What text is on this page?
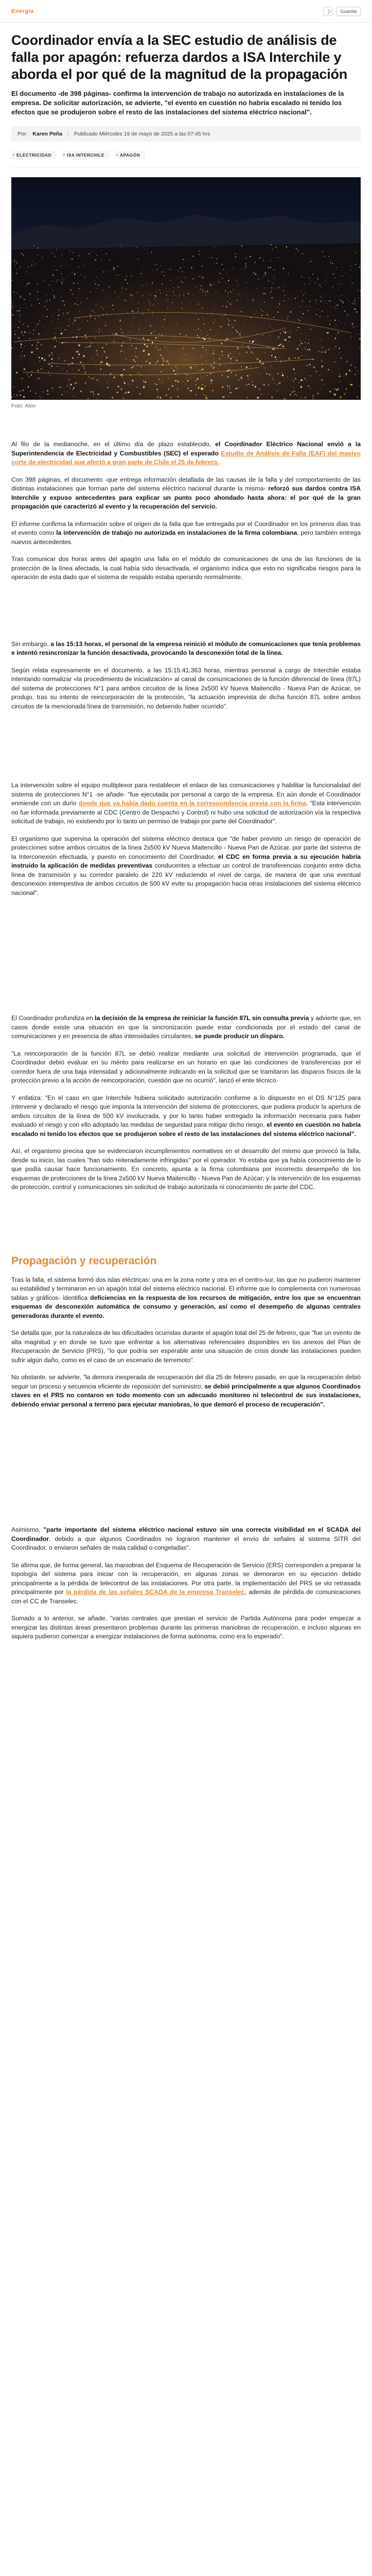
Energía	Guardar
Coordinador envía a la SEC estudio de análisis de falla por apagón: refuerza dardos a ISA Interchile y aborda el por qué de la magnitud de la propagación

El documento -de 398 páginas- confirma la intervención de trabajo no autorizada en instalaciones de la empresa. De solicitar autorización, se advierte, "el evento en cuestión no habría escalado ni tenido los efectos que se produjeron sobre el resto de las instalaciones del sistema eléctrico nacional".

Por: Karen Peña | Publicado Miércoles 19 de mayo de 2025 a las 07:45 hrs
ELECTRICIDAD	ISA INTERCHILE	APAGÓN
Foto: Alon

Al filo de la medianoche, en el último día de plazo establecido, el Coordinador Eléctrico Nacional envió a la Superintendencia de Electricidad y Combustibles (SEC) el esperado Estudio de Análisis de Falla (EAF) del masivo corte de electricidad que afectó a gran parte de Chile el 25 de febrero.

Con 398 páginas, el documento -que entrega información detallada de las causas de la falla y del comportamiento de las distintas instalaciones que forman parte del sistema eléctrico nacional durante la misma- reforzó sus dardos contra ISA Interchile y expuso antecedentes para explicar un punto poco ahondado hasta ahora: el por qué de la gran propagación que caracterizó al evento y la recuperación del servicio.

El informe confirma la información sobre el origen de la falla que fue entregada por el Coordinador en los primeros días tras el evento como la intervención de trabajo no autorizada en instalaciones de la firma colombiana, pero también entrega nuevos antecedentes.

Tras comunicar dos horas antes del apagón una falla en el módulo de comunicaciones de una de las funciones de la protección de la línea afectada, la cual había sido desactivada, el organismo indica que esto no significaba riesgos para la operación de esta dado que el sistema de respaldo estaba operando normalmente.

Sin embargo, a las 15:13 horas, el personal de la empresa reinició el módulo de comunicaciones que tenía problemas e intentó resincronizar la función desactivada, provocando la desconexión total de la línea.

Según relata expresamente en el documento, a las 15:15:41.363 horas, mientras personal a cargo de Interchile estaba intentando normalizar «la procedimiento de inicialización» al canal de comunicaciones de la función diferencial de línea (87L) del sistema de protecciones N°1 para ambos circuitos de la línea 2x500 kV Nueva Maitencillo - Nueva Pan de Azúcar, se produjo, tras su intento de reincorporación de la protección, "la actuación imprevista de dicha función 87L sobre ambos circuitos de la mencionada línea de transmisión, no debiendo haber ocurrido".

La intervención sobre el equipo multiplexor para restablecer el enlace de las comunicaciones y habilitar la funcionalidad del sistema de protecciones N°1 -se añade- "fue ejecutada por personal a cargo de la empresa. En aún donde el Coordinador enmiende con un durio donde que ya había dado cuenta en la correspondencia previa con la firma. "Esta intervención no fue informada previamente al CDC (Centro de Despacho y Control) ni hubo una solicitud de autorización vía la respectiva solicitud de trabajo, no existiendo por lo tanto un permiso de trabajo por parte del Coordinador".

El organismo que supervisa la operación del sistema eléctrico destaca que "de haber previsto un riesgo de operación de protecciones sobre ambos circuitos de la línea 2x500 kV Nueva Maitencillo - Nueva Pan de Azúcar, por parte del sistema de la Interconexión efectuada, y puesto en conocimiento del Coordinador, el CDC en forma previa a su ejecución habría instruido la aplicación de medidas preventivas conducentes a efectuar un control de transferencias conjunto entre dicha línea de transmisión y su corredor paralelo de 220 kV reduciendo el nivel de carga, de manera de que una eventual desconexión intempestiva de ambos circuitos de 500 kV evite su propagación hacia otras instalaciones del sistema eléctrico nacional".

El Coordinador profundiza en la decisión de la empresa de reiniciar la función 87L sin consulta previa y advierte que, en casos donde existe una situación en que la sincronización puede estar condicionada por el estado del canal de comunicaciones y en presencia de altas intensidades circulantes, se puede producir un disparo.

"La reincorporación de la función 87L se debió realizar mediante una solicitud de intervención programada, que el Coordinador debió evaluar en su mérito para realizarse en un horario en que las condiciones de transferencias por el corredor fuera de una baja intensidad y adicionalmente indicando en la solicitud que se tramitaron las disparos físicos de la protección previo a la acción de reincorporación, cuestión que no ocurrió", lanzó el ente técnico.

Y enfatiza: "En el caso en que Interchile hubiera solicitado autorización conforme a lo dispuesto en el DS N°125 para intervenir y declarado el riesgo que imponía la intervención del sistema de protecciones, que pudiera producir la apertura de ambos circuitos de la línea de 500 kV involucrada, y por lo tanto haber entregado la información necesaria para haber evaluado el riesgo y con ello adoptado las medidas de seguridad para mitigar dicho riesgo, el evento en cuestión no habría escalado ni tenido los efectos que se produjeron sobre el resto de las instalaciones del sistema eléctrico nacional".

Así, el organismo precisa que se evidenciaron incumplimientos normativos en el desarrollo del mismo que provocó la falla, desde su inicio, las cuales "han sido reiteradamente infringidas" por el operador. Yo estaba que ya había conocimiento de lo que podía causar hace funcionamiento. En concreto, apunta a la firma colombiana por incorrecto desempeño de los esquemas de protecciones de la línea 2x500 kV Nueva Maitencillo - Nueva Pan de Azúcar; y la intervención de los esquemas de protección, control y comunicaciones sin solicitud de trabajo autorizada ni conocimiento de parte del CDC.

Propagación y recuperación

Tras la falla, el sistema formó dos islas eléctricas: una en la zona norte y otra en el centro-sur, las que no pudieron mantener su estabilidad y terminaron en un apagón total del sistema eléctrico nacional. El informe que lo complementa con numerosas tablas y gráficos- identifica deficiencias en la respuesta de los recursos de mitigación, entre los que se encuentran esquemas de desconexión automática de consumo y generación, así como el desempeño de algunas centrales generadoras durante el evento.

Se detalla que, por la naturaleza de las dificultades ocurridas durante el apagón total del 25 de febrero, que "fue un evento de alta magnitud y en donde se tuvo que enfrentar a los alternativas referenciales disponibles en los anexos del Plan de Recuperación de Servicio (PRS), "lo que podría ser esperable ante una situación de crisis donde las instalaciones pueden sufrir algún daño, como es el caso de un escenario de terremoto".

No obstante, se advierte, "la demora inesperada de recuperación del día 25 de febrero pasado, en que la recuperación debió seguir un proceso y secuencia eficiente de reposición del suministro, se debió principalmente a que algunos Coordinados claves en el PRS no contaron en todo momento con un adecuado monitoreo ni telecontrol de sus instalaciones, debiendo enviar personal a terreno para ejecutar maniobras, lo que demoró el proceso de recuperación".

Asimismo, "parte importante del sistema eléctrico nacional estuvo sin una correcta visibilidad en el SCADA del Coordinador, debido a que algunos Coordinados no lograron mantener el envío de señales al sistema SITR del Coordinador, o enviaron señales de mala calidad o congeladas".

Se afirma que, de forma general, las maniobras del Esquema de Recuperación de Servicio (ERS) corresponden a preparar la topología del sistema para iniciar con la recuperación, en algunas zonas se demoraron en su ejecución debido principalmente a la pérdida de telecontrol de las instalaciones. Por otra parte, la implementación del PRS se vio retrasada principalmente por la pérdida de las señales SCADA de la empresa Transelec, además de pérdida de comunicaciones con el CC de Transelec.

Sumado a lo anterior, se añade, "varias centrales que prestan el servicio de Partida Autónoma para poder empezar a energizar las distintas áreas presentaron problemas durante las primeras maniobras de recuperación, e incluso algunas en siquiera pudieron comenzar a energizar instalaciones de forma autónoma, como era lo esperado".
